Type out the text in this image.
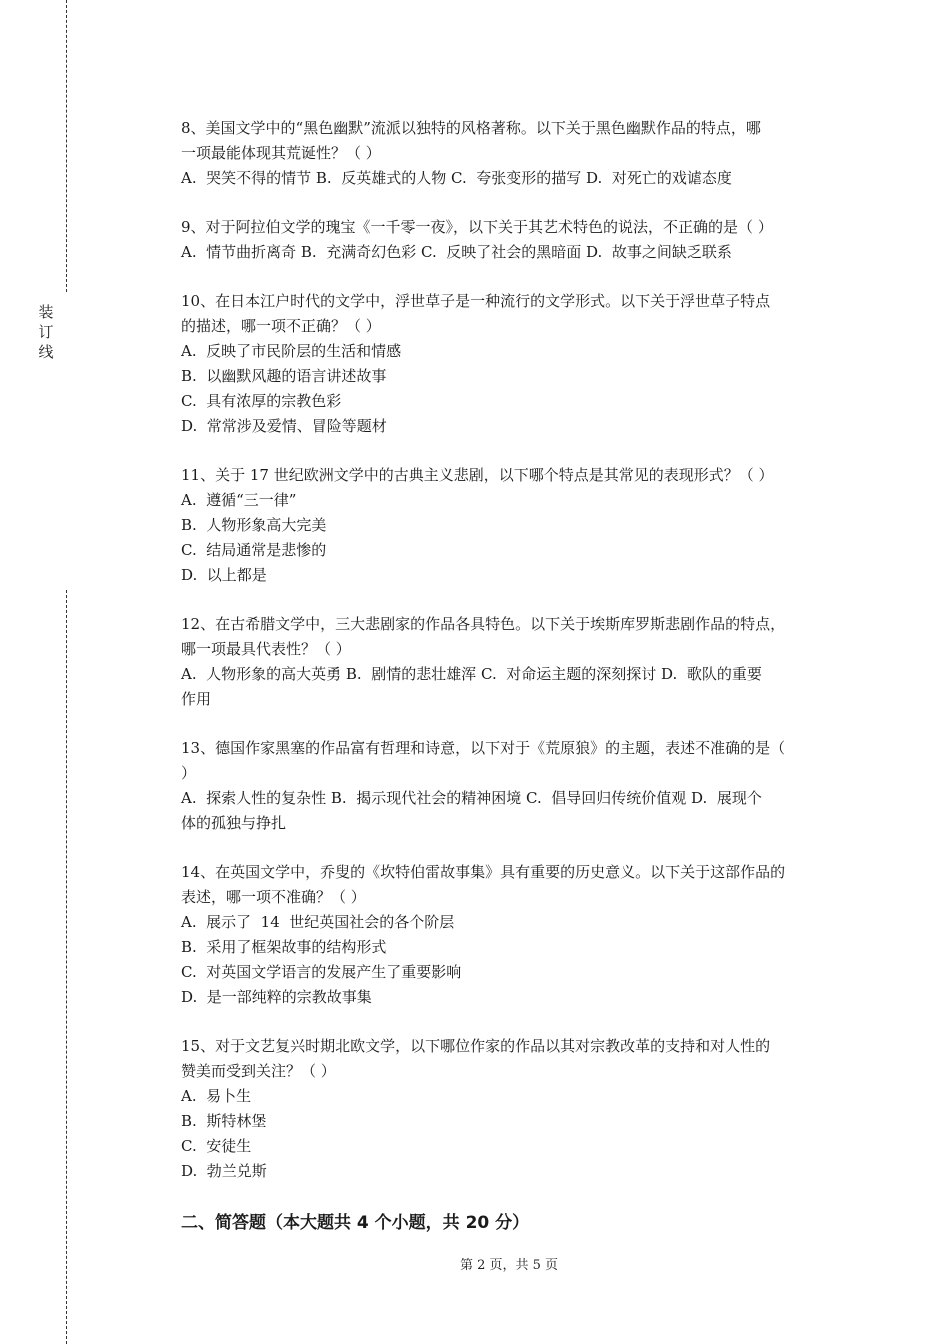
装
订
线

8、美国文学中的“黑色幽默”流派以独特的风格著称。以下关于黑色幽默作品的特点，哪

一项最能体现其荒诞性？（ ）

A.  哭笑不得的情节 B.  反英雄式的人物 C.  夸张变形的描写 D.  对死亡的戏谑态度

9、对于阿拉伯文学的瑰宝《一千零一夜》，以下关于其艺术特色的说法，不正确的是（ ）

A.  情节曲折离奇 B.  充满奇幻色彩 C.  反映了社会的黑暗面 D.  故事之间缺乏联系

10、在日本江户时代的文学中，浮世草子是一种流行的文学形式。以下关于浮世草子特点

的描述，哪一项不正确？（ ）

A.  反映了市民阶层的生活和情感

B.  以幽默风趣的语言讲述故事

C.  具有浓厚的宗教色彩

D.  常常涉及爱情、冒险等题材

11、关于 17 世纪欧洲文学中的古典主义悲剧，以下哪个特点是其常见的表现形式？（ ）

A.  遵循“三一律”

B.  人物形象高大完美

C.  结局通常是悲惨的

D.  以上都是

12、在古希腊文学中，三大悲剧家的作品各具特色。以下关于埃斯库罗斯悲剧作品的特点，

哪一项最具代表性？（ ）

A.  人物形象的高大英勇 B.  剧情的悲壮雄浑 C.  对命运主题的深刻探讨 D.  歌队的重要

作用

13、德国作家黑塞的作品富有哲理和诗意，以下对于《荒原狼》的主题，表述不准确的是（

）

A.  探索人性的复杂性 B.  揭示现代社会的精神困境 C.  倡导回归传统价值观 D.  展现个

体的孤独与挣扎

14、在英国文学中，乔叟的《坎特伯雷故事集》具有重要的历史意义。以下关于这部作品的

表述，哪一项不准确？（ ）

A.  展示了  14  世纪英国社会的各个阶层

B.  采用了框架故事的结构形式

C.  对英国文学语言的发展产生了重要影响

D.  是一部纯粹的宗教故事集

15、对于文艺复兴时期北欧文学，以下哪位作家的作品以其对宗教改革的支持和对人性的

赞美而受到关注？（ ）

A.  易卜生

B.  斯特林堡

C.  安徒生

D.  勃兰兑斯

二、简答题（本大题共 4 个小题，共 20 分）
第 2 页，共 5 页
